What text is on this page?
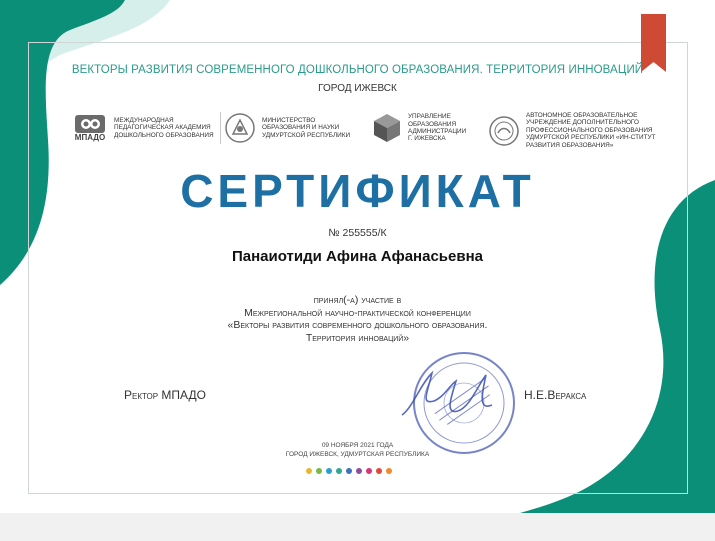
ВЕКТОРЫ РАЗВИТИЯ СОВРЕМЕННОГО ДОШКОЛЬНОГО ОБРАЗОВАНИЯ. ТЕРРИТОРИЯ ИННОВАЦИЙ
ГОРОД ИЖЕВСК
МПАДО
МЕЖДУНАРОДНАЯ
ПЕДАГОГИЧЕСКАЯ АКАДЕМИЯ
ДОШКОЛЬНОГО ОБРАЗОВАНИЯ
МИНИСТЕРСТВО
ОБРАЗОВАНИЯ И НАУКИ
УДМУРТСКОЙ РЕСПУБЛИКИ
УПРАВЛЕНИЕ
ОБРАЗОВАНИЯ
АДМИНИСТРАЦИИ
Г. ИЖЕВСКА
АВТОНОМНОЕ ОБРАЗОВАТЕЛЬНОЕ
УЧРЕЖДЕНИЕ ДОПОЛНИТЕЛЬНОГО
ПРОФЕССИОНАЛЬНОГО ОБРАЗОВАНИЯ
УДМУРТСКОЙ РЕСПУБЛИКИ «ИН-СТИТУТ
РАЗВИТИЯ ОБРАЗОВАНИЯ»
СЕРТИФИКАТ
№ 255555/К
Панаиотиди Афина Афанасьевна
принял(-а) участие в
Межрегиональной научно-практической конференции
«Векторы развития современного дошкольного образования.
Территория инноваций»
Ректор МПАДО	Н.Е.Веракса
09 НОЯБРЯ 2021 ГОДА
ГОРОД ИЖЕВСК, УДМУРТСКАЯ РЕСПУБЛИКА
